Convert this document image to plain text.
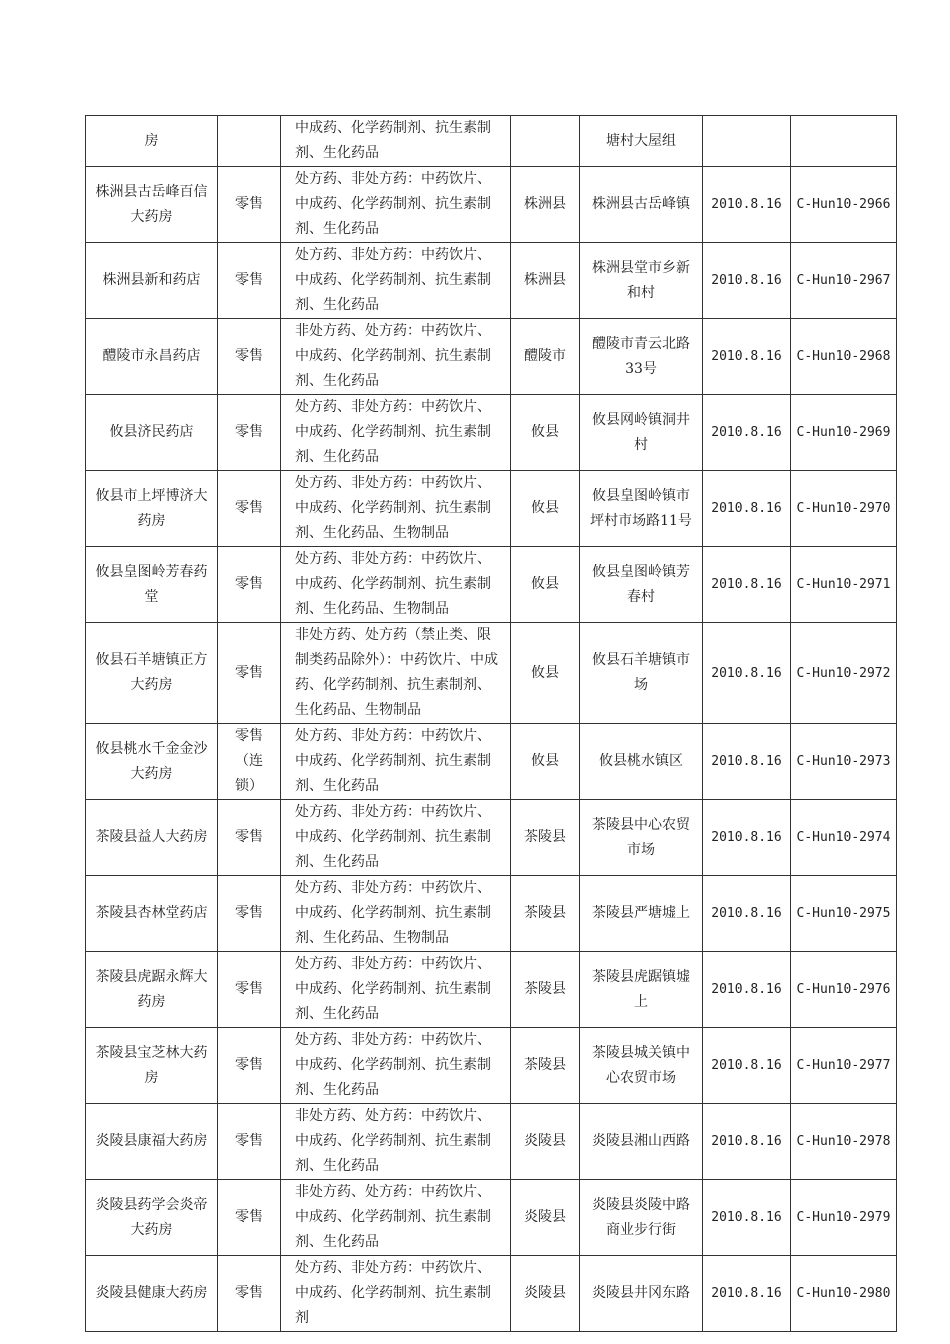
房		中成药、化学药制剂、抗生素制剂、生化药品		塘村大屋组		
株洲县古岳峰百信大药房	零售	处方药、非处方药：中药饮片、中成药、化学药制剂、抗生素制剂、生化药品	株洲县	株洲县古岳峰镇	2010.8.16	C-Hun10-2966
株洲县新和药店	零售	处方药、非处方药：中药饮片、中成药、化学药制剂、抗生素制剂、生化药品	株洲县	株洲县堂市乡新和村	2010.8.16	C-Hun10-2967
醴陵市永昌药店	零售	非处方药、处方药：中药饮片、中成药、化学药制剂、抗生素制剂、生化药品	醴陵市	醴陵市青云北路33号	2010.8.16	C-Hun10-2968
攸县济民药店	零售	处方药、非处方药：中药饮片、中成药、化学药制剂、抗生素制剂、生化药品	攸县	攸县网岭镇洞井村	2010.8.16	C-Hun10-2969
攸县市上坪博济大药房	零售	处方药、非处方药：中药饮片、中成药、化学药制剂、抗生素制剂、生化药品、生物制品	攸县	攸县皇图岭镇市坪村市场路11号	2010.8.16	C-Hun10-2970
攸县皇图岭芳春药堂	零售	处方药、非处方药：中药饮片、中成药、化学药制剂、抗生素制剂、生化药品、生物制品	攸县	攸县皇图岭镇芳春村	2010.8.16	C-Hun10-2971
攸县石羊塘镇正方大药房	零售	非处方药、处方药（禁止类、限制类药品除外）：中药饮片、中成药、化学药制剂、抗生素制剂、生化药品、生物制品	攸县	攸县石羊塘镇市场	2010.8.16	C-Hun10-2972
攸县桃水千金金沙大药房	零售（连锁）	处方药、非处方药：中药饮片、中成药、化学药制剂、抗生素制剂、生化药品	攸县	攸县桃水镇区	2010.8.16	C-Hun10-2973
茶陵县益人大药房	零售	处方药、非处方药：中药饮片、中成药、化学药制剂、抗生素制剂、生化药品	茶陵县	茶陵县中心农贸市场	2010.8.16	C-Hun10-2974
茶陵县杏林堂药店	零售	处方药、非处方药：中药饮片、中成药、化学药制剂、抗生素制剂、生化药品、生物制品	茶陵县	茶陵县严塘墟上	2010.8.16	C-Hun10-2975
茶陵县虎踞永辉大药房	零售	处方药、非处方药：中药饮片、中成药、化学药制剂、抗生素制剂、生化药品	茶陵县	茶陵县虎踞镇墟上	2010.8.16	C-Hun10-2976
茶陵县宝芝林大药房	零售	处方药、非处方药：中药饮片、中成药、化学药制剂、抗生素制剂、生化药品	茶陵县	茶陵县城关镇中心农贸市场	2010.8.16	C-Hun10-2977
炎陵县康福大药房	零售	非处方药、处方药：中药饮片、中成药、化学药制剂、抗生素制剂、生化药品	炎陵县	炎陵县湘山西路	2010.8.16	C-Hun10-2978
炎陵县药学会炎帝大药房	零售	非处方药、处方药：中药饮片、中成药、化学药制剂、抗生素制剂、生化药品	炎陵县	炎陵县炎陵中路商业步行街	2010.8.16	C-Hun10-2979
炎陵县健康大药房	零售	处方药、非处方药：中药饮片、中成药、化学药制剂、抗生素制剂	炎陵县	炎陵县井冈东路	2010.8.16	C-Hun10-2980
